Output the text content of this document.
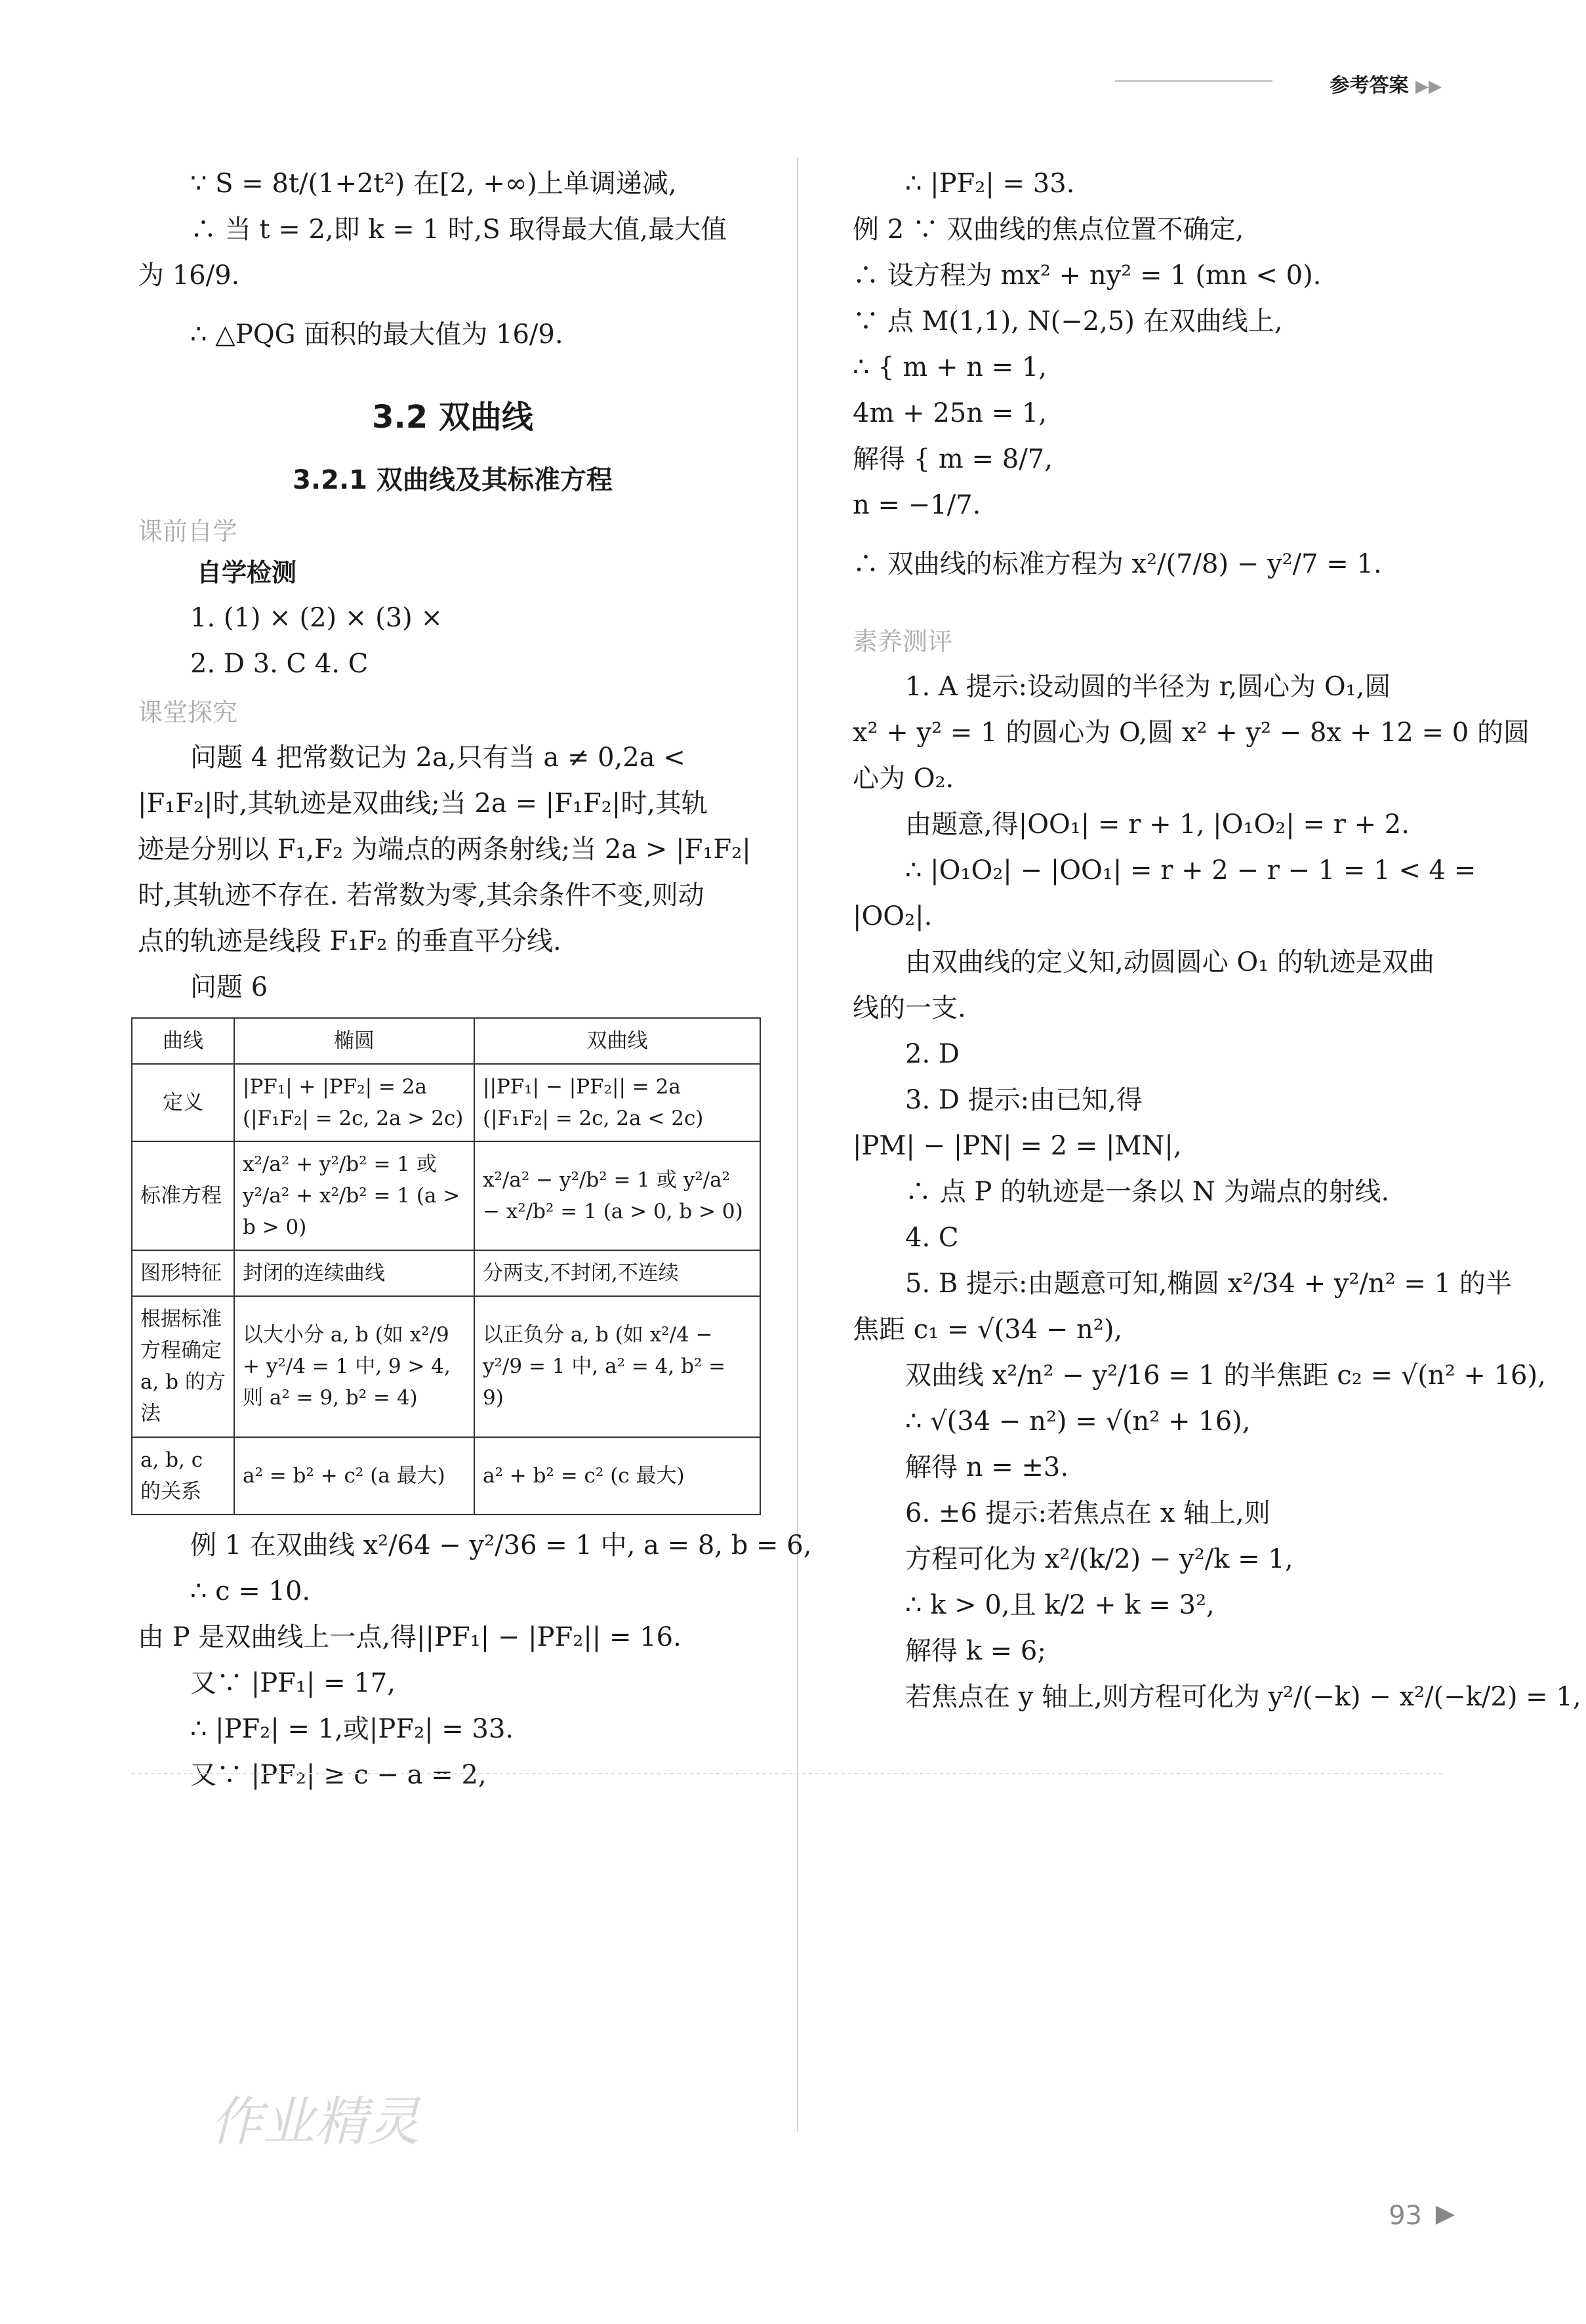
参考答案 ▶▶
∵ S = 8t/(1+2t²) 在[2, +∞)上单调递减,
∴ 当 t = 2,即 k = 1 时,S 取得最大值,最大值
为 16/9.
∴ △PQG 面积的最大值为 16/9.
3.2 双曲线
3.2.1 双曲线及其标准方程
课前自学
自学检测
1. (1) × (2) × (3) ×
2. D 3. C 4. C
课堂探究
问题 4 把常数记为 2a,只有当 a ≠ 0,2a <
|F₁F₂|时,其轨迹是双曲线;当 2a = |F₁F₂|时,其轨
迹是分别以 F₁,F₂ 为端点的两条射线;当 2a > |F₁F₂|
时,其轨迹不存在. 若常数为零,其余条件不变,则动
点的轨迹是线段 F₁F₂ 的垂直平分线.
问题 6
曲线	椭圆	双曲线
定义	|PF₁| + |PF₂| = 2a (|F₁F₂| = 2c, 2a > 2c)	||PF₁| − |PF₂|| = 2a (|F₁F₂| = 2c, 2a < 2c)
标准方程	x²/a² + y²/b² = 1 或 y²/a² + x²/b² = 1 (a > b > 0)	x²/a² − y²/b² = 1 或 y²/a² − x²/b² = 1 (a > 0, b > 0)
图形特征	封闭的连续曲线	分两支,不封闭,不连续
根据标准方程确定 a, b 的方法	以大小分 a, b (如 x²/9 + y²/4 = 1 中, 9 > 4, 则 a² = 9, b² = 4)	以正负分 a, b (如 x²/4 − y²/9 = 1 中, a² = 4, b² = 9)
a, b, c 的关系	a² = b² + c² (a 最大)	a² + b² = c² (c 最大)
例 1 在双曲线 x²/64 − y²/36 = 1 中, a = 8, b = 6,
∴ c = 10.
由 P 是双曲线上一点,得||PF₁| − |PF₂|| = 16.
又∵ |PF₁| = 17,
∴ |PF₂| = 1,或|PF₂| = 33.
又∵ |PF₂| ≥ c − a = 2,
∴ |PF₂| = 33.
例 2 ∵ 双曲线的焦点位置不确定,
∴ 设方程为 mx² + ny² = 1 (mn < 0).
∵ 点 M(1,1), N(−2,5) 在双曲线上,
∴ { m + n = 1,
4m + 25n = 1,
解得 { m = 8/7,
n = −1/7.
∴ 双曲线的标准方程为 x²/(7/8) − y²/7 = 1.
素养测评
1. A 提示:设动圆的半径为 r,圆心为 O₁,圆
x² + y² = 1 的圆心为 O,圆 x² + y² − 8x + 12 = 0 的圆
心为 O₂.
由题意,得|OO₁| = r + 1, |O₁O₂| = r + 2.
∴ |O₁O₂| − |OO₁| = r + 2 − r − 1 = 1 < 4 =
|OO₂|.
由双曲线的定义知,动圆圆心 O₁ 的轨迹是双曲
线的一支.
2. D
3. D 提示:由已知,得
|PM| − |PN| = 2 = |MN|,
∴ 点 P 的轨迹是一条以 N 为端点的射线.
4. C
5. B 提示:由题意可知,椭圆 x²/34 + y²/n² = 1 的半
焦距 c₁ = √(34 − n²),
双曲线 x²/n² − y²/16 = 1 的半焦距 c₂ = √(n² + 16),
∴ √(34 − n²) = √(n² + 16),
解得 n = ±3.
6. ±6 提示:若焦点在 x 轴上,则
方程可化为 x²/(k/2) − y²/k = 1,
∴ k > 0,且 k/2 + k = 3²,
解得 k = 6;
若焦点在 y 轴上,则方程可化为 y²/(−k) − x²/(−k/2) = 1,
作业精灵
93 ▶
